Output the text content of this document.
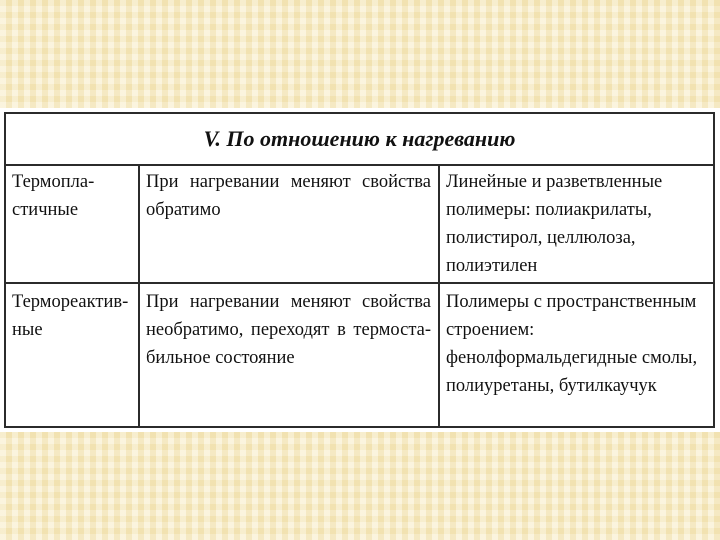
V. По отношению к нагреванию
Термопла-
стичные
При нагревании меняют свойства
обратимо
Линейные и разветвленные
полимеры: полиакрилаты,
полистирол, целлюлоза,
полиэтилен
Термореактив-
ные
При нагревании меняют свойства
необратимо, переходят в термоста-
бильное состояние
Полимеры с пространственным
строением:
фенолформальдегидные смолы,
полиуретаны, бутилкаучук
